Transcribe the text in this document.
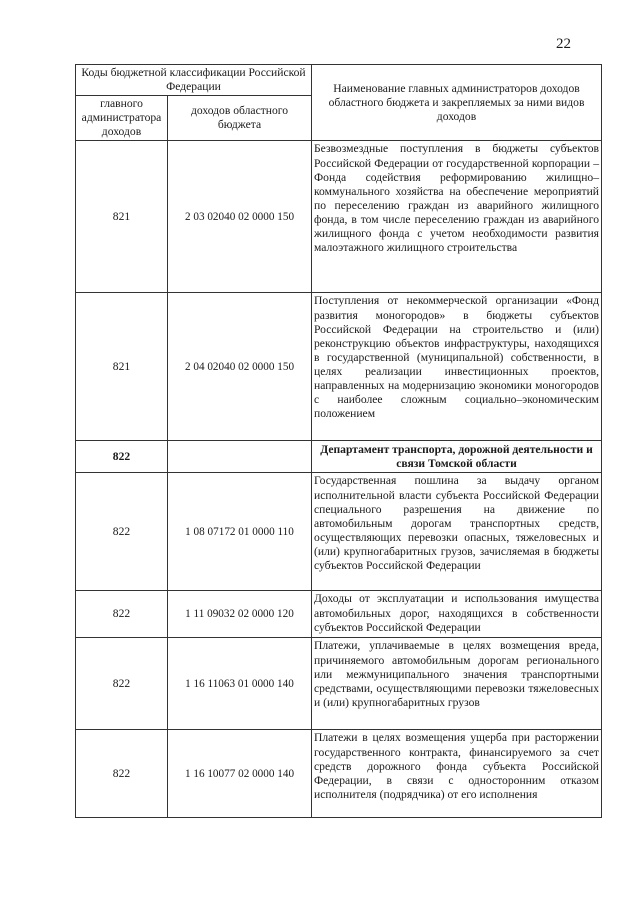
22
Коды бюджетной классификации Российской Федерации		Наименование главных администраторов доходов областного бюджета и закрепляемых за ними видов доходов
главного администратора доходов	доходов областного бюджета	
821	2 03 02040 02 0000 150	Безвозмездные поступления в бюджеты субъектов Российской Федерации от государственной корпорации – Фонда содействия реформированию жилищно–коммунального хозяйства на обеспечение мероприятий по переселению граждан из аварийного жилищного фонда, в том числе переселению граждан из аварийного жилищного фонда с учетом необходимости развития малоэтажного жилищного строительства
821	2 04 02040 02 0000 150	Поступления от некоммерческой организации «Фонд развития моногородов» в бюджеты субъектов Российской Федерации на строительство и (или) реконструкцию объектов инфраструктуры, находящихся в государственной (муниципальной) собственности, в целях реализации инвестиционных проектов, направленных на модернизацию экономики моногородов с наиболее сложным социально–экономическим положением
822		Департамент транспорта, дорожной деятельности и связи Томской области
822	1 08 07172 01 0000 110	Государственная пошлина за выдачу органом исполнительной власти субъекта Российской Федерации специального разрешения на движение по автомобильным дорогам транспортных средств, осуществляющих перевозки опасных, тяжеловесных и (или) крупногабаритных грузов, зачисляемая в бюджеты субъектов Российской Федерации
822	1 11 09032 02 0000 120	Доходы от эксплуатации и использования имущества автомобильных дорог, находящихся в собственности субъектов Российской Федерации
822	1 16 11063 01 0000 140	Платежи, уплачиваемые в целях возмещения вреда, причиняемого автомобильным дорогам регионального или межмуниципального значения транспортными средствами, осуществляющими перевозки тяжеловесных и (или) крупногабаритных грузов
822	1 16 10077 02 0000 140	Платежи в целях возмещения ущерба при расторжении государственного контракта, финансируемого за счет средств дорожного фонда субъекта Российской Федерации, в связи с односторонним отказом исполнителя (подрядчика) от его исполнения
